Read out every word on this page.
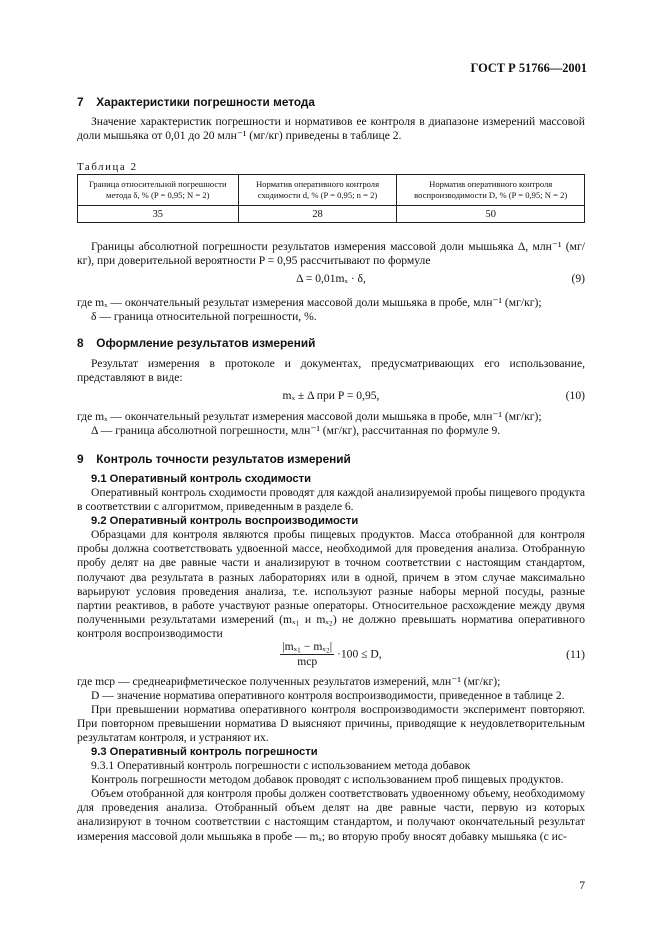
ГОСТ Р 51766—2001
7 Характеристики погрешности метода
Значение характеристик погрешности и нормативов ее контроля в диапазоне измерений массовой доли мышьяка от 0,01 до 20 млн⁻¹ (мг/кг) приведены в таблице 2.
Таблица 2
Граница относительной погрешности метода δ, % (P = 0,95; N = 2)	Норматив оперативного контроля сходимости d, % (P = 0,95; n = 2)	Норматив оперативного контроля воспроизводимости D, % (P = 0,95; N = 2)
35	28	50
Границы абсолютной погрешности результатов измерения массовой доли мышьяка Δ, млн⁻¹ (мг/кг), при доверительной вероятности P = 0,95 рассчитывают по формуле
Δ = 0,01mₓ · δ,	(9)
где mₓ — окончательный результат измерения массовой доли мышьяка в пробе, млн⁻¹ (мг/кг);
δ — граница относительной погрешности, %.
8 Оформление результатов измерений
Результат измерения в протоколе и документах, предусматривающих его использование, представляют в виде:
mₓ ± Δ при P = 0,95,	(10)
где mₓ — окончательный результат измерения массовой доли мышьяка в пробе, млн⁻¹ (мг/кг);
Δ — граница абсолютной погрешности, млн⁻¹ (мг/кг), рассчитанная по формуле 9.
9 Контроль точности результатов измерений
9.1 Оперативный контроль сходимости
Оперативный контроль сходимости проводят для каждой анализируемой пробы пищевого продукта в соответствии с алгоритмом, приведенным в разделе 6.
9.2 Оперативный контроль воспроизводимости
Образцами для контроля являются пробы пищевых продуктов. Масса отобранной для контроля пробы должна соответствовать удвоенной массе, необходимой для проведения анализа. Отобранную пробу делят на две равные части и анализируют в точном соответствии с настоящим стандартом, получают два результата в разных лабораториях или в одной, причем в этом случае максимально варьируют условия проведения анализа, т.е. используют разные наборы мерной посуды, разные партии реактивов, в работе участвуют разные операторы. Относительное расхождение между двумя полученными результатами измерений (mₓ₁ и mₓ₂) не должно превышать норматива оперативного контроля воспроизводимости
$\frac{\text{|mₓ₁ − mₓ₂|}}{\text{mср}} \cdot 100 \le D$,	(11)
где mср — среднеарифметическое полученных результатов измерений, млн⁻¹ (мг/кг);
D — значение норматива оперативного контроля воспроизводимости, приведенное в таблице 2.
При превышении норматива оперативного контроля воспроизводимости эксперимент повторяют. При повторном превышении норматива D выясняют причины, приводящие к неудовлетворительным результатам контроля, и устраняют их.
9.3 Оперативный контроль погрешности
9.3.1 Оперативный контроль погрешности с использованием метода добавок
Контроль погрешности методом добавок проводят с использованием проб пищевых продуктов.
Объем отобранной для контроля пробы должен соответствовать удвоенному объему, необходимому для проведения анализа. Отобранный объем делят на две равные части, первую из которых анализируют в точном соответствии с настоящим стандартом, и получают окончательный результат измерения массовой доли мышьяка в пробе — mₓ; во вторую пробу вносят добавку мышьяка (с ис-
7
